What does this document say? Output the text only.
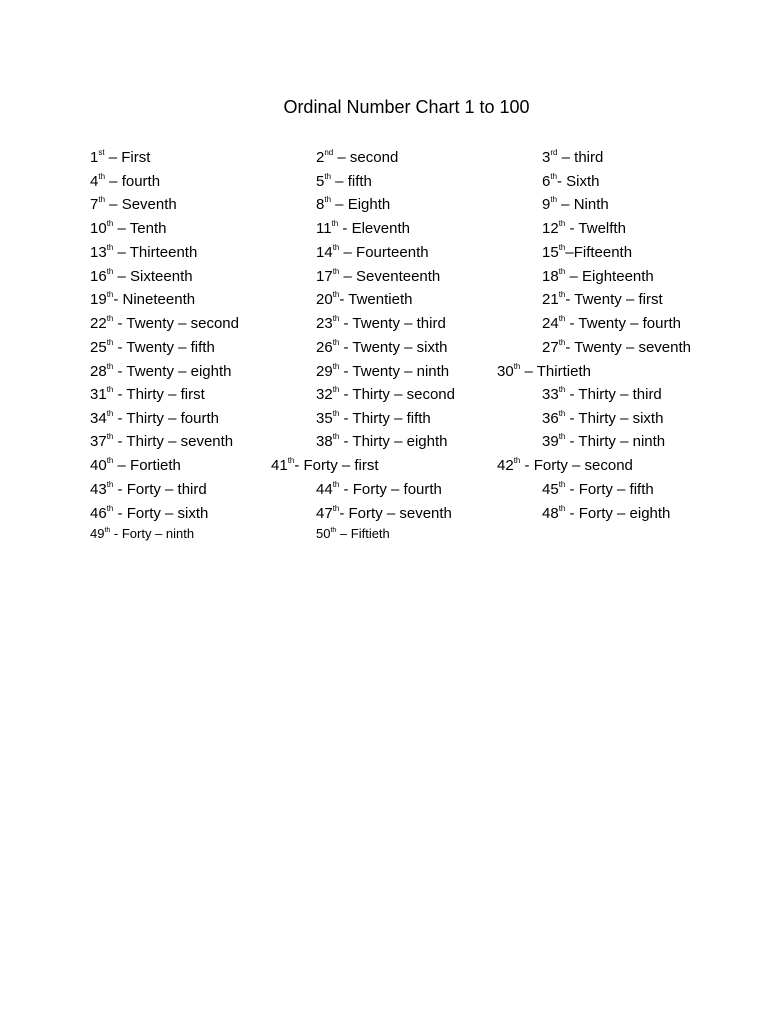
Ordinal Number Chart 1 to 100
1st – First	2nd – second	3rd – third
4th – fourth	5th – fifth	6th- Sixth
7th – Seventh	8th – Eighth	9th – Ninth
10th – Tenth	11th - Eleventh	12th - Twelfth
13th – Thirteenth	14th – Fourteenth	15th–Fifteenth
16th – Sixteenth	17th – Seventeenth	18th – Eighteenth
19th- Nineteenth	20th- Twentieth	21th- Twenty – first
22th - Twenty – second	23th - Twenty – third	24th - Twenty – fourth
25th - Twenty – fifth	26th - Twenty – sixth	27th- Twenty – seventh
28th - Twenty – eighth	29th - Twenty – ninth	30th – Thirtieth
31th - Thirty – first	32th - Thirty – second	33th - Thirty – third
34th - Thirty – fourth	35th - Thirty – fifth	36th - Thirty – sixth
37th - Thirty – seventh	38th - Thirty – eighth	39th - Thirty – ninth
40th – Fortieth	41th- Forty – first	42th - Forty – second
43th - Forty – third	44th - Forty – fourth	45th - Forty – fifth
46th - Forty – sixth	47th- Forty – seventh	48th - Forty – eighth
49th - Forty – ninth	50th – Fiftieth
